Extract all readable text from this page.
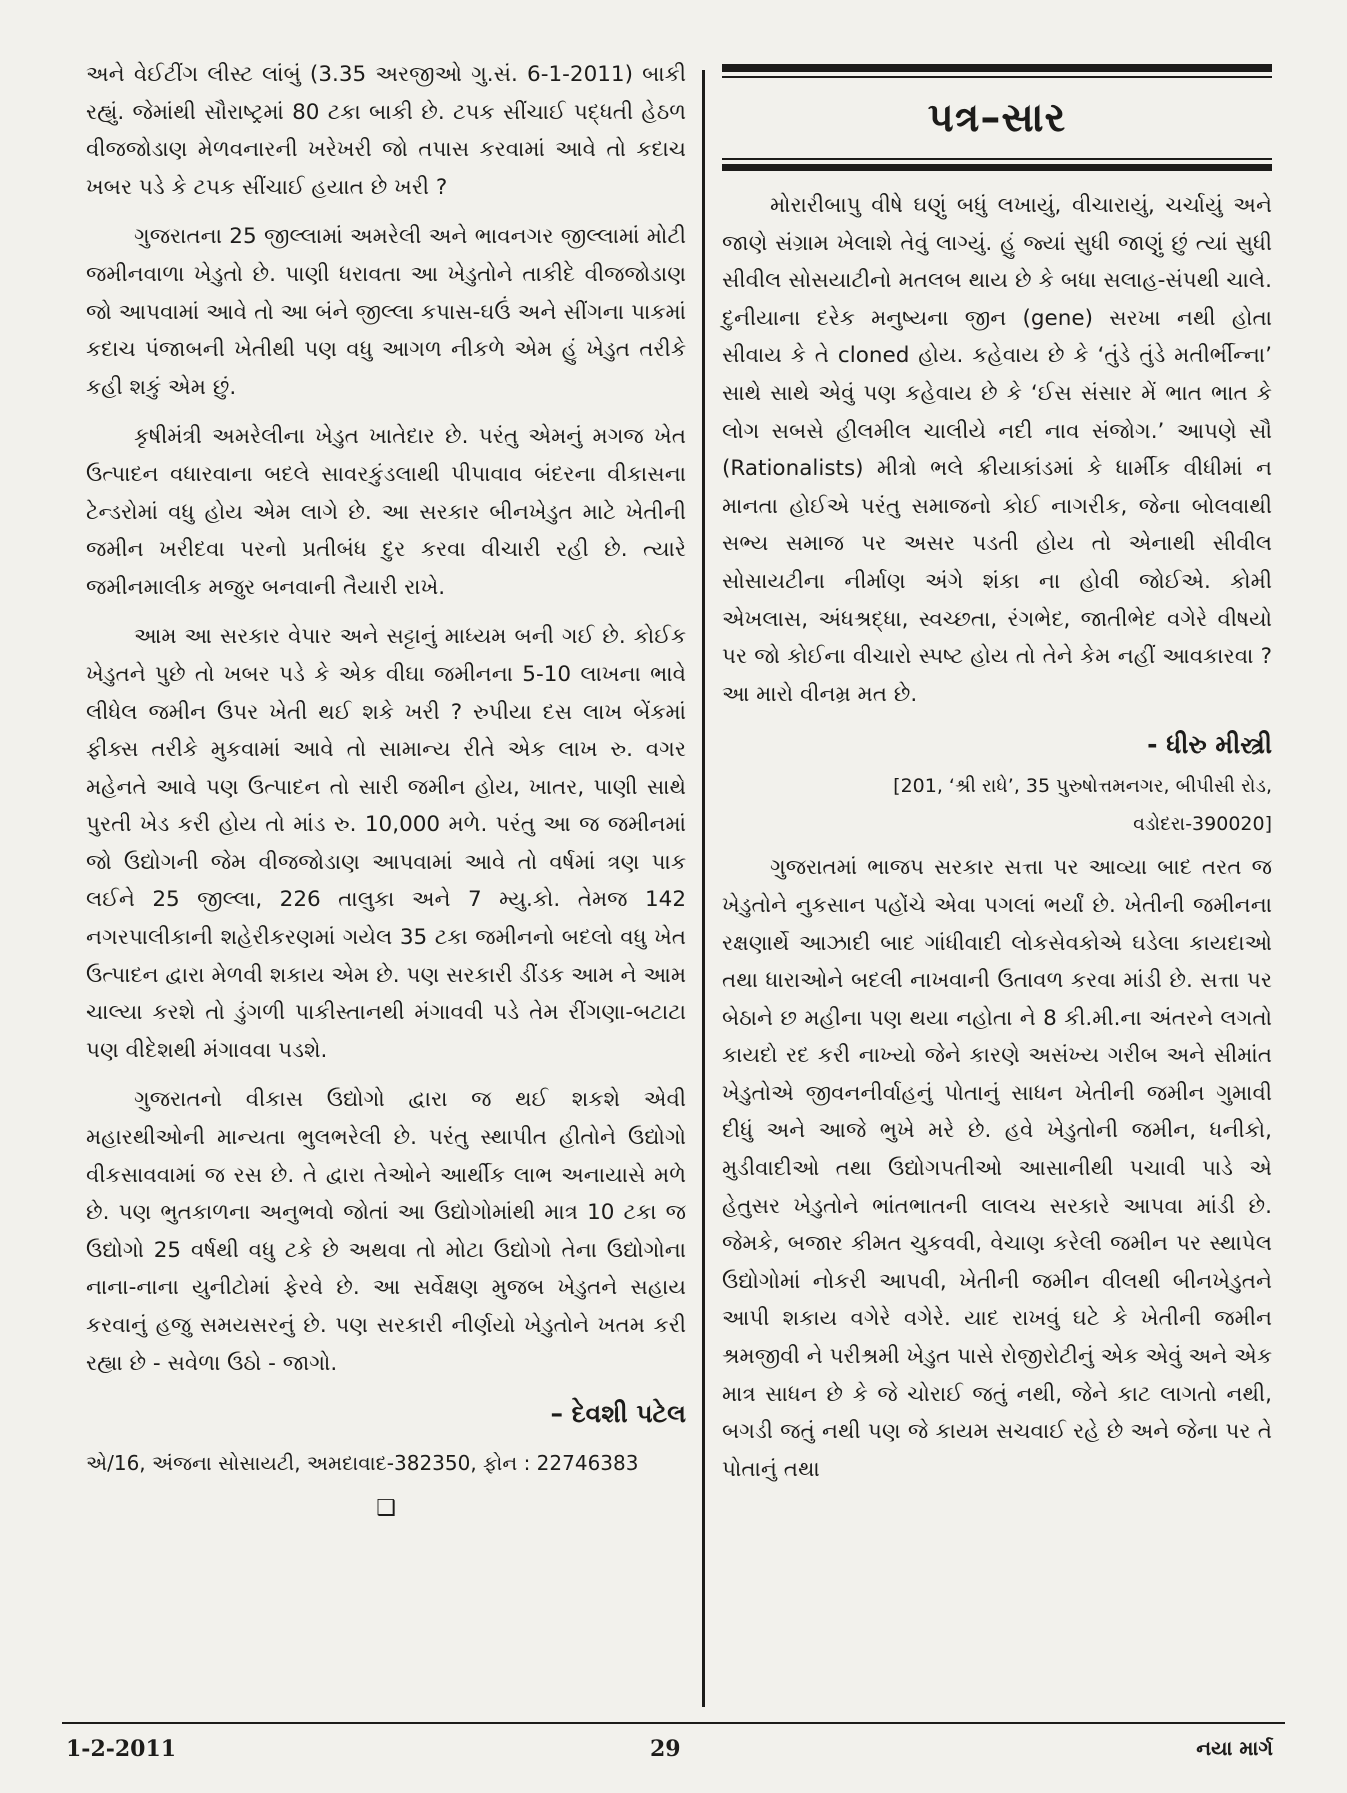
અને વેઈટીંગ લીસ્ટ લાંબું (3.35 અરજીઓ ગુ.સં. 6-1-2011) બાકી રહ્યું. જેમાંથી સૌરાષ્ટ્રમાં 80 ટકા બાકી છે. ટપક સીંચાઈ પદ્ધતી હેઠળ વીજજોડાણ મેળવનારની ખરેખરી જો તપાસ કરવામાં આવે તો કદાચ ખબર પડે કે ટપક સીંચાઈ હયાત છે ખરી ?

ગુજરાતના 25 જીલ્લામાં અમરેલી અને ભાવનગર જીલ્લામાં મોટી જમીનવાળા ખેડુતો છે. પાણી ધરાવતા આ ખેડુતોને તાકીદે વીજજોડાણ જો આપવામાં આવે તો આ બંને જીલ્લા કપાસ-ઘઉં અને સીંગના પાકમાં કદાચ પંજાબની ખેતીથી પણ વધુ આગળ નીકળે એમ હું ખેડુત તરીકે કહી શકું એમ છું.

કૃષીમંત્રી અમરેલીના ખેડુત ખાતેદાર છે. પરંતુ એમનું મગજ ખેત ઉત્પાદન વધારવાના બદલે સાવરકુંડલાથી પીપાવાવ બંદરના વીકાસના ટેન્ડરોમાં વધુ હોય એમ લાગે છે. આ સરકાર બીનખેડુત માટે ખેતીની જમીન ખરીદવા પરનો પ્રતીબંધ દુર કરવા વીચારી રહી છે. ત્યારે જમીનમાલીક મજુર બનવાની તૈયારી રાખે.

આમ આ સરકાર વેપાર અને સટ્ટાનું માધ્યમ બની ગઈ છે. કોઈક ખેડુતને પુછે તો ખબર પડે કે એક વીઘા જમીનના 5-10 લાખના ભાવે લીધેલ જમીન ઉપર ખેતી થઈ શકે ખરી ? રુપીયા દસ લાખ બેંકમાં ફીક્સ તરીકે મુકવામાં આવે તો સામાન્ય રીતે એક લાખ રુ. વગર મહેનતે આવે પણ ઉત્પાદન તો સારી જમીન હોય, ખાતર, પાણી સાથે પુરતી ખેડ કરી હોય તો માંડ રુ. 10,000 મળે. પરંતુ આ જ જમીનમાં જો ઉદ્યોગની જેમ વીજજોડાણ આપવામાં આવે તો વર્ષમાં ત્રણ પાક લઈને 25 જીલ્લા, 226 તાલુકા અને 7 મ્યુ.કો. તેમજ 142 નગરપાલીકાની શહેરીકરણમાં ગયેલ 35 ટકા જમીનનો બદલો વધુ ખેત ઉત્પાદન દ્વારા મેળવી શકાય એમ છે. પણ સરકારી ડીંડક આમ ને આમ ચાલ્યા કરશે તો ડુંગળી પાકીસ્તાનથી મંગાવવી પડે તેમ રીંગણા-બટાટા પણ વીદેશથી મંગાવવા પડશે.

ગુજરાતનો વીકાસ ઉદ્યોગો દ્વારા જ થઈ શકશે એવી મહારથીઓની માન્યતા ભુલભરેલી છે. પરંતુ સ્થાપીત હીતોને ઉદ્યોગો વીકસાવવામાં જ રસ છે. તે દ્વારા તેઓને આર્થીક લાભ અનાયાસે મળે છે. પણ ભુતકાળના અનુભવો જોતાં આ ઉદ્યોગોમાંથી માત્ર 10 ટકા જ ઉદ્યોગો 25 વર્ષથી વધુ ટકે છે અથવા તો મોટા ઉદ્યોગો તેના ઉદ્યોગોના નાના-નાના યુનીટોમાં ફેરવે છે. આ સર્વેક્ષણ મુજબ ખેડુતને સહાય કરવાનું હજુ સમયસરનું છે. પણ સરકારી નીર્ણયો ખેડુતોને ખતમ કરી રહ્યા છે - સવેળા ઉઠો - જાગો.

– દેવશી પટેલ
એ/16, અંજના સોસાયટી, અમદાવાદ-382350, ફોન : 22746383
❑
પત્ર–સાર

મોરારીબાપુ વીષે ઘણું બધું લખાયું, વીચારાયું, ચર્ચાયું અને જાણે સંગ્રામ ખેલાશે તેવું લાગ્યું. હું જ્યાં સુધી જાણું છું ત્યાં સુધી સીવીલ સોસયાટીનો મતલબ થાય છે કે બધા સલાહ-સંપથી ચાલે. દુનીયાના દરેક મનુષ્યના જીન (gene) સરખા નથી હોતા સીવાય કે તે cloned હોય. કહેવાય છે કે ‘તુંડે તુંડે મતીર્ભીન્ના’ સાથે સાથે એવું પણ કહેવાય છે કે ‘ઈસ સંસાર મેં ભાત ભાત કે લોગ સબસે હીલમીલ ચાલીયે નદી નાવ સંજોગ.’ આપણે સૌ (Rationalists) મીત્રો ભલે ક્રીયાકાંડમાં કે ધાર્મીક વીધીમાં ન માનતા હોઈએ પરંતુ સમાજનો કોઈ નાગરીક, જેના બોલવાથી સભ્ય સમાજ પર અસર પડતી હોય તો એનાથી સીવીલ સોસાયટીના નીર્માણ અંગે શંકા ના હોવી જોઈએ. કોમી એખલાસ, અંધશ્રદ્ધા, સ્વચ્છતા, રંગભેદ, જાતીભેદ વગેરે વીષયો પર જો કોઈના વીચારો સ્પષ્ટ હોય તો તેને કેમ નહીં આવકારવા ? આ મારો વીનમ્ર મત છે.

- ધીરુ મીસ્ત્રી
[201, ‘શ્રી રાધે’, 35 પુરુષોત્તમનગર, બીપીસી રોડ,
વડોદરા-390020]

ગુજરાતમાં ભાજપ સરકાર સત્તા પર આવ્યા બાદ તરત જ ખેડુતોને નુકસાન પહોંચે એવા પગલાં ભર્યાં છે. ખેતીની જમીનના રક્ષણાર્થે આઝાદી બાદ ગાંધીવાદી લોકસેવકોએ ઘડેલા કાયદાઓ તથા ધારાઓને બદલી નાખવાની ઉતાવળ કરવા માંડી છે. સત્તા પર બેઠાને છ મહીના પણ થયા નહોતા ને 8 કી.મી.ના અંતરને લગતો કાયદો રદ કરી નાખ્યો જેને કારણે અસંખ્ય ગરીબ અને સીમાંત ખેડુતોએ જીવનનીર્વાહનું પોતાનું સાધન ખેતીની જમીન ગુમાવી દીધું અને આજે ભુખે મરે છે. હવે ખેડુતોની જમીન, ધનીકો, મુડીવાદીઓ તથા ઉદ્યોગપતીઓ આસાનીથી પચાવી પાડે એ હેતુસર ખેડુતોને ભાંતભાતની લાલચ સરકારે આપવા માંડી છે. જેમકે, બજાર કીમત ચુકવવી, વેચાણ કરેલી જમીન પર સ્થાપેલ ઉદ્યોગોમાં નોકરી આપવી, ખેતીની જમીન વીલથી બીનખેડુતને આપી શકાય વગેરે વગેરે. યાદ રાખવું ઘટે કે ખેતીની જમીન શ્રમજીવી ને પરીશ્રમી ખેડુત પાસે રોજીરોટીનું એક એવું અને એક માત્ર સાધન છે કે જે ચોરાઈ જતું નથી, જેને કાટ લાગતો નથી, બગડી જતું નથી પણ જે કાયમ સચવાઈ રહે છે અને જેના પર તે પોતાનું તથા

1-2-2011	29	નયા માર્ગ
